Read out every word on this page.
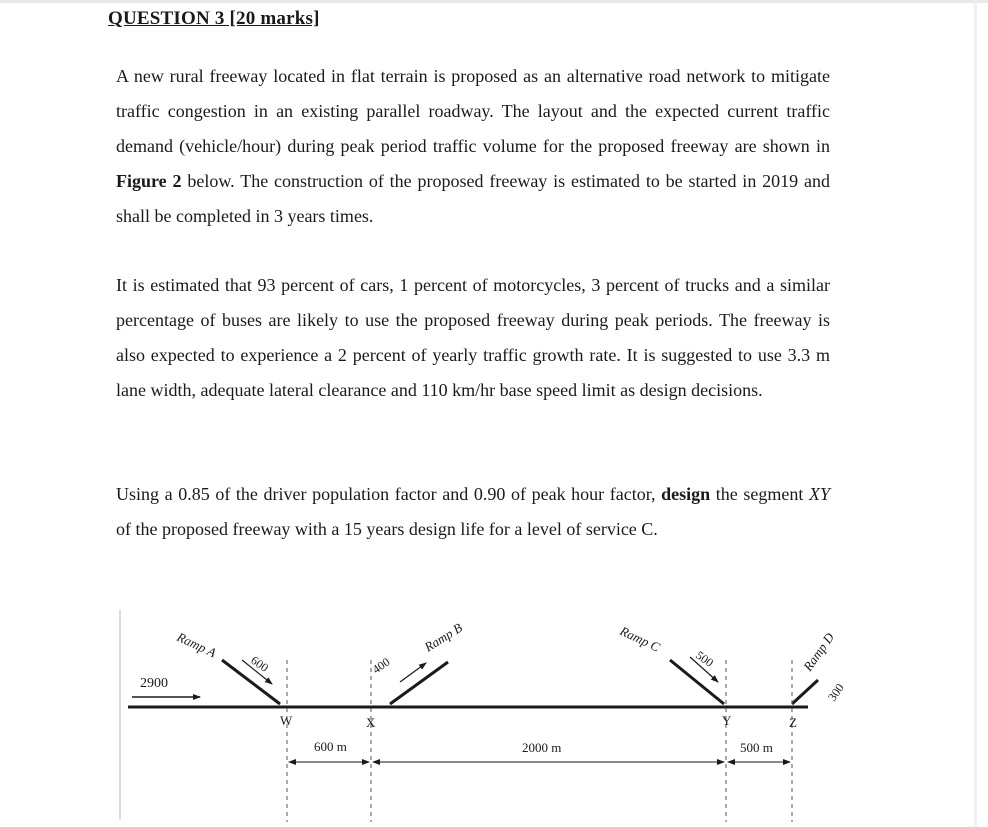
QUESTION 3 [20 marks]

A new rural freeway located in flat terrain is proposed as an alternative road network to mitigate traffic congestion in an existing parallel roadway. The layout and the expected current traffic demand (vehicle/hour) during peak period traffic volume for the proposed freeway are shown in Figure 2 below. The construction of the proposed freeway is estimated to be started in 2019 and shall be completed in 3 years times.

It is estimated that 93 percent of cars, 1 percent of motorcycles, 3 percent of trucks and a similar percentage of buses are likely to use the proposed freeway during peak periods. The freeway is also expected to experience a 2 percent of yearly traffic growth rate. It is suggested to use 3.3 m lane width, adequate lateral clearance and 110 km/hr base speed limit as design decisions.

Using a 0.85 of the driver population factor and 0.90 of peak hour factor, design the segment XY of the proposed freeway with a 15 years design life for a level of service C.

2900
Ramp A
600	400
Ramp B	Ramp C
500	Ramp D
300
W	X	Y	Z
600 m	2000 m	500 m
